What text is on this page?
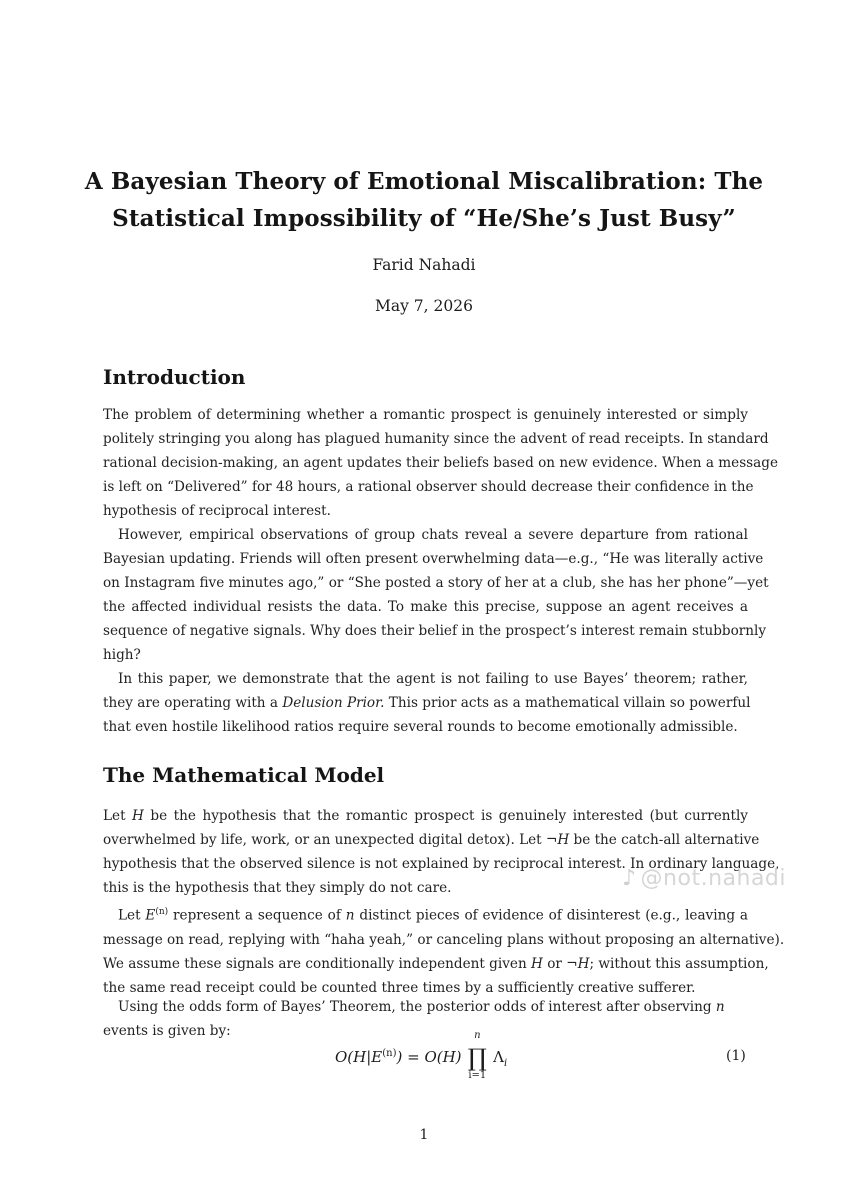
A Bayesian Theory of Emotional Miscalibration: The
Statistical Impossibility of “He/She’s Just Busy”
Farid Nahadi
May 7, 2026
Introduction
The problem of determining whether a romantic prospect is genuinely interested or simply
politely stringing you along has plagued humanity since the advent of read receipts. In standard
rational decision-making, an agent updates their beliefs based on new evidence. When a message
is left on “Delivered” for 48 hours, a rational observer should decrease their confidence in the
hypothesis of reciprocal interest.
However, empirical observations of group chats reveal a severe departure from rational
Bayesian updating. Friends will often present overwhelming data—e.g., “He was literally active
on Instagram five minutes ago,” or “She posted a story of her at a club, she has her phone”—yet
the affected individual resists the data. To make this precise, suppose an agent receives a
sequence of negative signals. Why does their belief in the prospect’s interest remain stubbornly
high?
In this paper, we demonstrate that the agent is not failing to use Bayes’ theorem; rather,
they are operating with a Delusion Prior. This prior acts as a mathematical villain so powerful
that even hostile likelihood ratios require several rounds to become emotionally admissible.
The Mathematical Model
Let H be the hypothesis that the romantic prospect is genuinely interested (but currently
overwhelmed by life, work, or an unexpected digital detox). Let ¬H be the catch-all alternative
hypothesis that the observed silence is not explained by reciprocal interest. In ordinary language,
this is the hypothesis that they simply do not care.
Let $E^{(n)}$ represent a sequence of n distinct pieces of evidence of disinterest (e.g., leaving a
message on read, replying with “haha yeah,” or canceling plans without proposing an alternative).
We assume these signals are conditionally independent given H or ¬H; without this assumption,
the same read receipt could be counted three times by a sufficiently creative sufferer.
Using the odds form of Bayes’ Theorem, the posterior odds of interest after observing n
events is given by:
$O(H|E^{(n)}) = O(H)$
n
∏
i=1
$\Lambda_i$	(1)
1
♪ @not.nahadi
